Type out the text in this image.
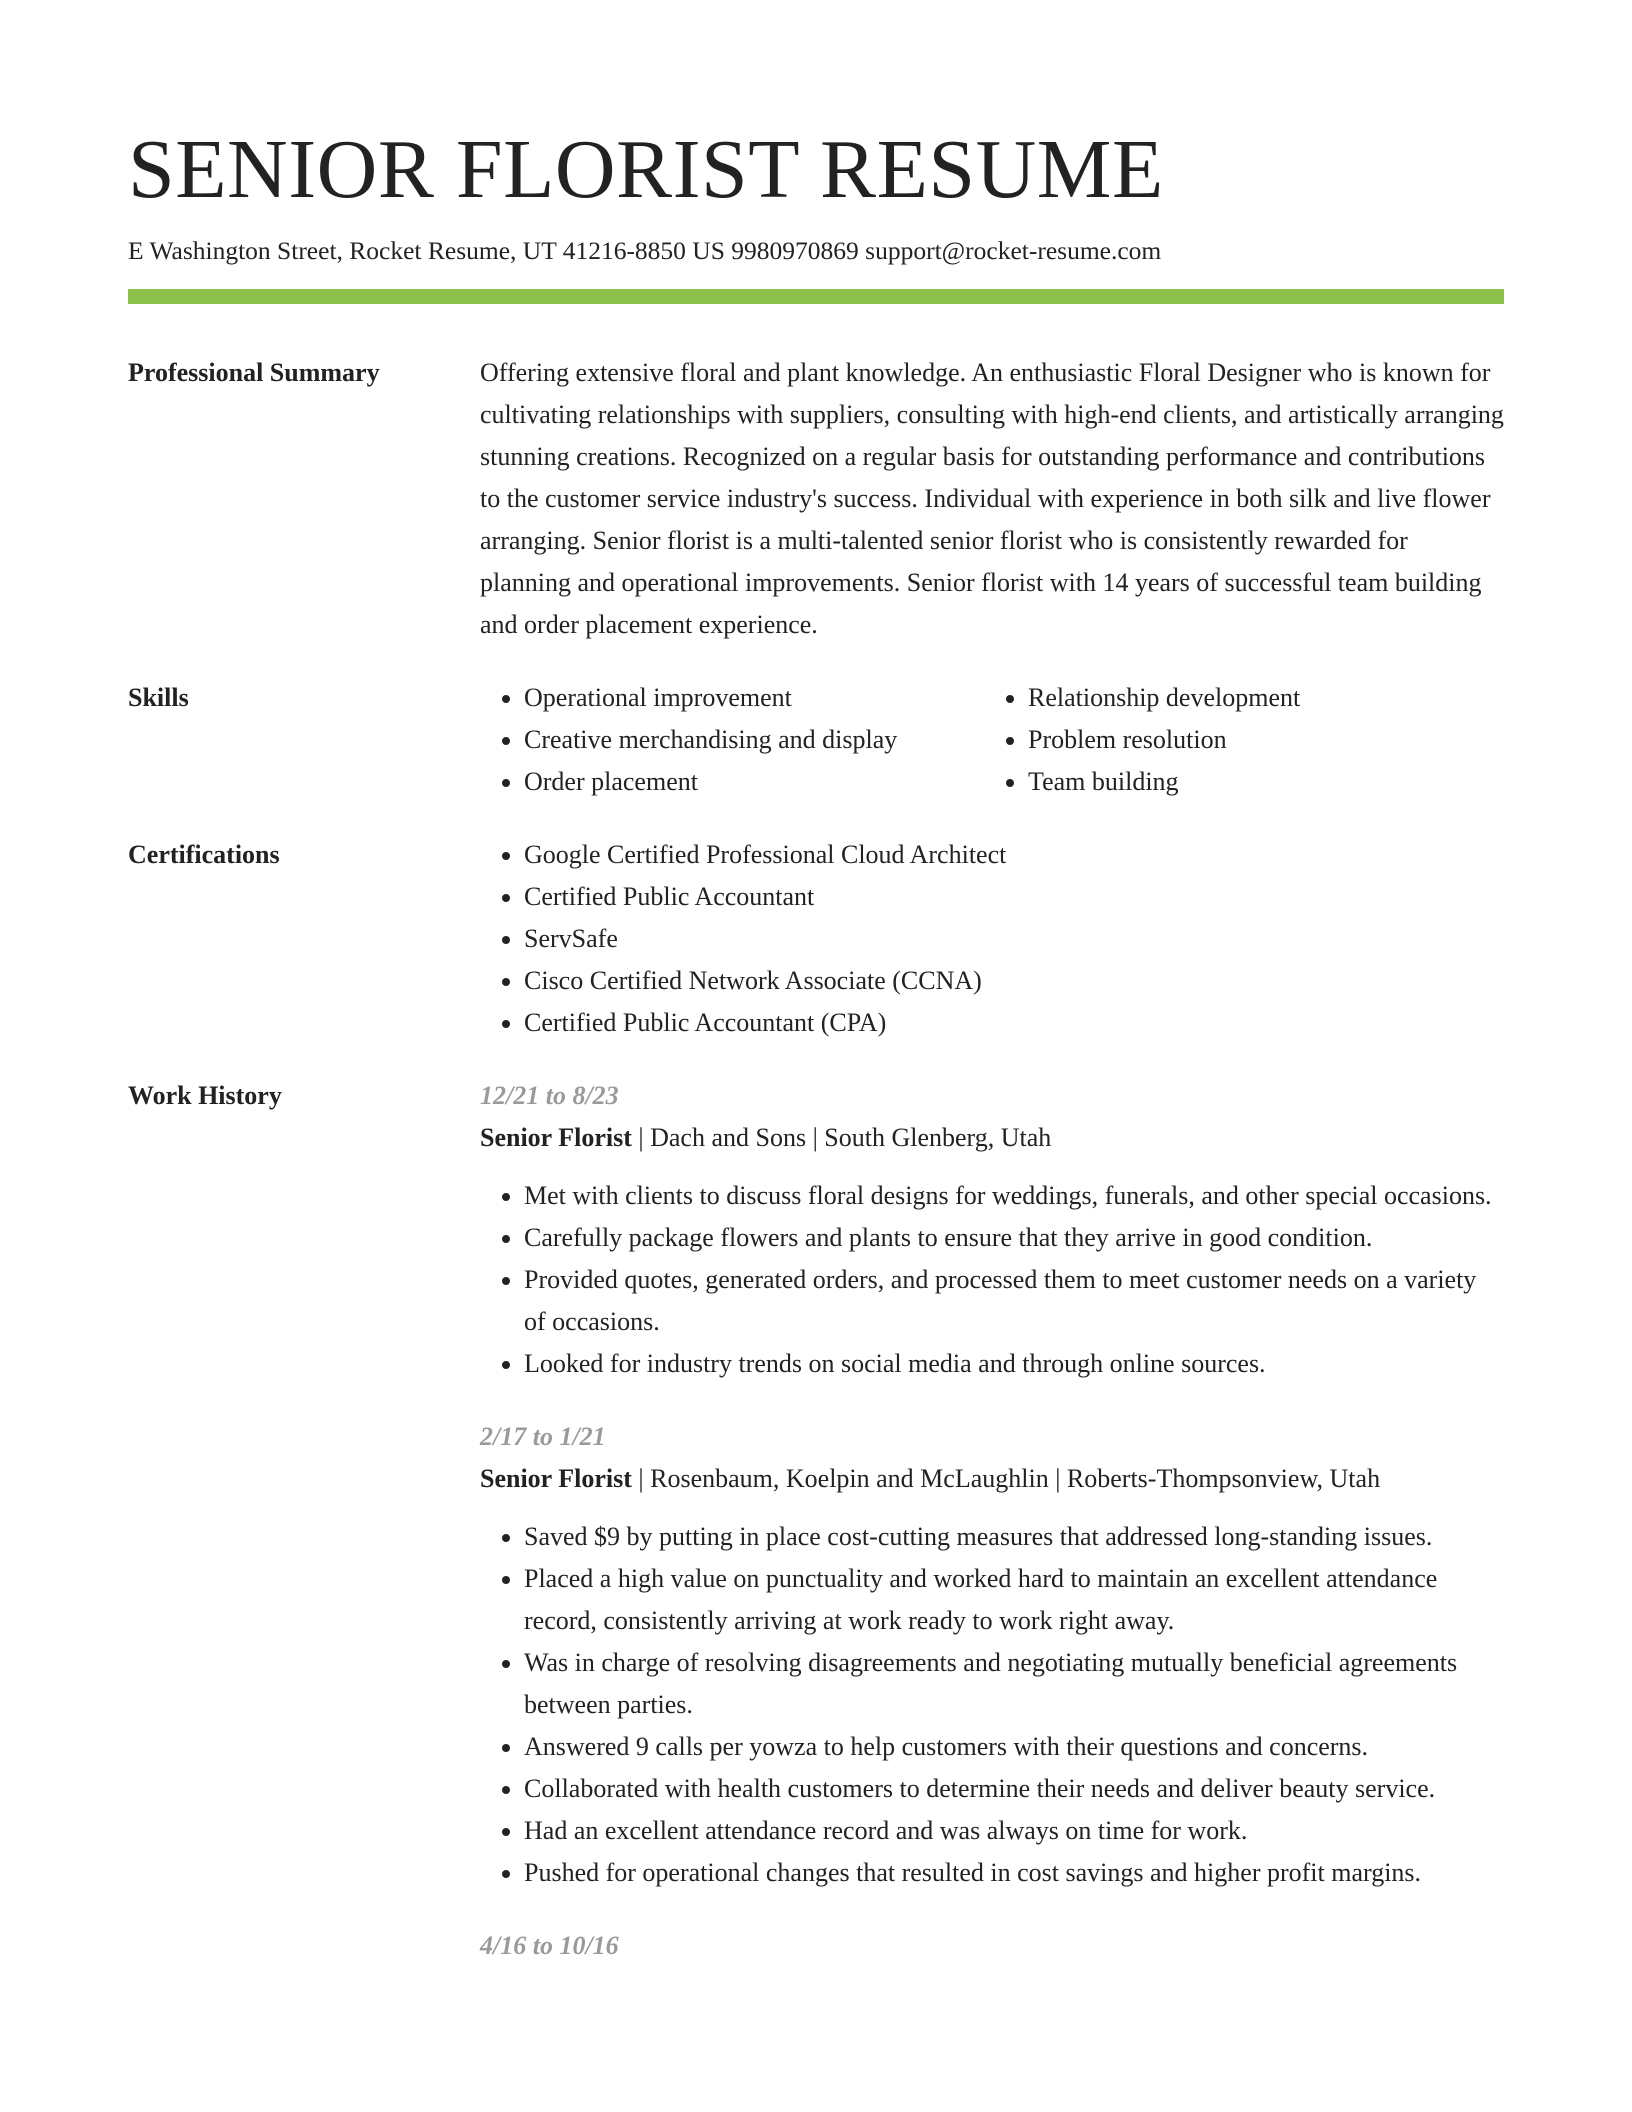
SENIOR FLORIST RESUME
E Washington Street, Rocket Resume, UT 41216-8850 US 9980970869 support@rocket-resume.com
Professional Summary	Offering extensive floral and plant knowledge. An enthusiastic Floral Designer who is known for cultivating relationships with suppliers, consulting with high-end clients, and artistically arranging stunning creations. Recognized on a regular basis for outstanding performance and contributions to the customer service industry's success. Individual with experience in both silk and live flower arranging. Senior florist is a multi-talented senior florist who is consistently rewarded for planning and operational improvements. Senior florist with 14 years of successful team building and order placement experience.

Skills	• Operational improvement
• Creative merchandising and display
• Order placement
• Relationship development
• Problem resolution
• Team building
Certifications	• Google Certified Professional Cloud Architect
• Certified Public Accountant
• ServSafe
• Cisco Certified Network Associate (CCNA)
• Certified Public Accountant (CPA)
Work History	12/21 to 8/23
Senior Florist | Dach and Sons | South Glenberg, Utah
• Met with clients to discuss floral designs for weddings, funerals, and other special occasions.
• Carefully package flowers and plants to ensure that they arrive in good condition.
• Provided quotes, generated orders, and processed them to meet customer needs on a variety of occasions.
• Looked for industry trends on social media and through online sources.
2/17 to 1/21
Senior Florist | Rosenbaum, Koelpin and McLaughlin | Roberts-Thompsonview, Utah
• Saved $9 by putting in place cost-cutting measures that addressed long-standing issues.
• Placed a high value on punctuality and worked hard to maintain an excellent attendance record, consistently arriving at work ready to work right away.
• Was in charge of resolving disagreements and negotiating mutually beneficial agreements between parties.
• Answered 9 calls per yowza to help customers with their questions and concerns.
• Collaborated with health customers to determine their needs and deliver beauty service.
• Had an excellent attendance record and was always on time for work.
• Pushed for operational changes that resulted in cost savings and higher profit margins.
4/16 to 10/16
